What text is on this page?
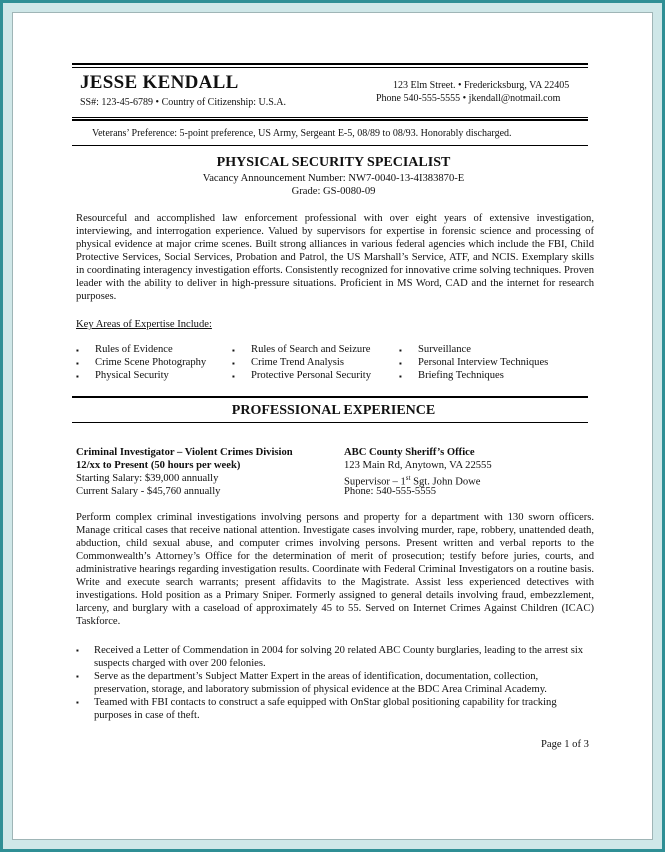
JESSE KENDALL
SS#: 123-45-6789 • Country of Citizenship: U.S.A.
123 Elm Street. • Fredericksburg, VA 22405
Phone 540-555-5555 • jkendall@notmail.com
Veterans’ Preference: 5-point preference, US Army, Sergeant E-5, 08/89 to 08/93. Honorably discharged.
PHYSICAL SECURITY SPECIALIST
Vacancy Announcement Number: NW7-0040-13-4I383870-E
Grade: GS-0080-09
Resourceful and accomplished law enforcement professional with over eight years of extensive investigation, interviewing, and interrogation experience. Valued by supervisors for expertise in forensic science and processing of physical evidence at major crime scenes. Built strong alliances in various federal agencies which include the FBI, Child Protective Services, Social Services, Probation and Patrol, the US Marshall’s Service, ATF, and NCIS. Exemplary skills in coordinating interagency investigation efforts. Consistently recognized for innovative crime solving techniques. Proven leader with the ability to deliver in high-pressure situations. Proficient in MS Word, CAD and the internet for research purposes.
Key Areas of Expertise Include:
▪ Rules of Evidence
▪ Crime Scene Photography
▪ Physical Security
▪ Rules of Search and Seizure
▪ Crime Trend Analysis
▪ Protective Personal Security
▪ Surveillance
▪ Personal Interview Techniques
▪ Briefing Techniques
PROFESSIONAL EXPERIENCE
Criminal Investigator – Violent Crimes Division
12/xx to Present (50 hours per week)
Starting Salary: $39,000 annually
Current Salary - $45,760 annually
ABC County Sheriff’s Office
123 Main Rd, Anytown, VA 22555
Supervisor – 1st Sgt. John Dowe
Phone: 540-555-5555
Perform complex criminal investigations involving persons and property for a department with 130 sworn officers. Manage critical cases that receive national attention. Investigate cases involving murder, rape, robbery, unattended death, abduction, child sexual abuse, and computer crimes involving persons. Present written and verbal reports to the Commonwealth’s Attorney’s Office for the determination of merit of prosecution; testify before juries, courts, and administrative hearings regarding investigation results. Coordinate with Federal Criminal Investigators on a routine basis. Write and execute search warrants; present affidavits to the Magistrate. Assist less experienced detectives with investigations. Hold position as a Primary Sniper. Formerly assigned to general details involving fraud, embezzlement, larceny, and burglary with a caseload of approximately 45 to 55. Served on Internet Crimes Against Children (ICAC) Taskforce.
▪ Received a Letter of Commendation in 2004 for solving 20 related ABC County burglaries, leading to the arrest six suspects charged with over 200 felonies.
▪ Serve as the department’s Subject Matter Expert in the areas of identification, documentation, collection, preservation, storage, and laboratory submission of physical evidence at the BDC Area Criminal Academy.
▪ Teamed with FBI contacts to construct a safe equipped with OnStar global positioning capability for tracking purposes in case of theft.
Page 1 of 3
